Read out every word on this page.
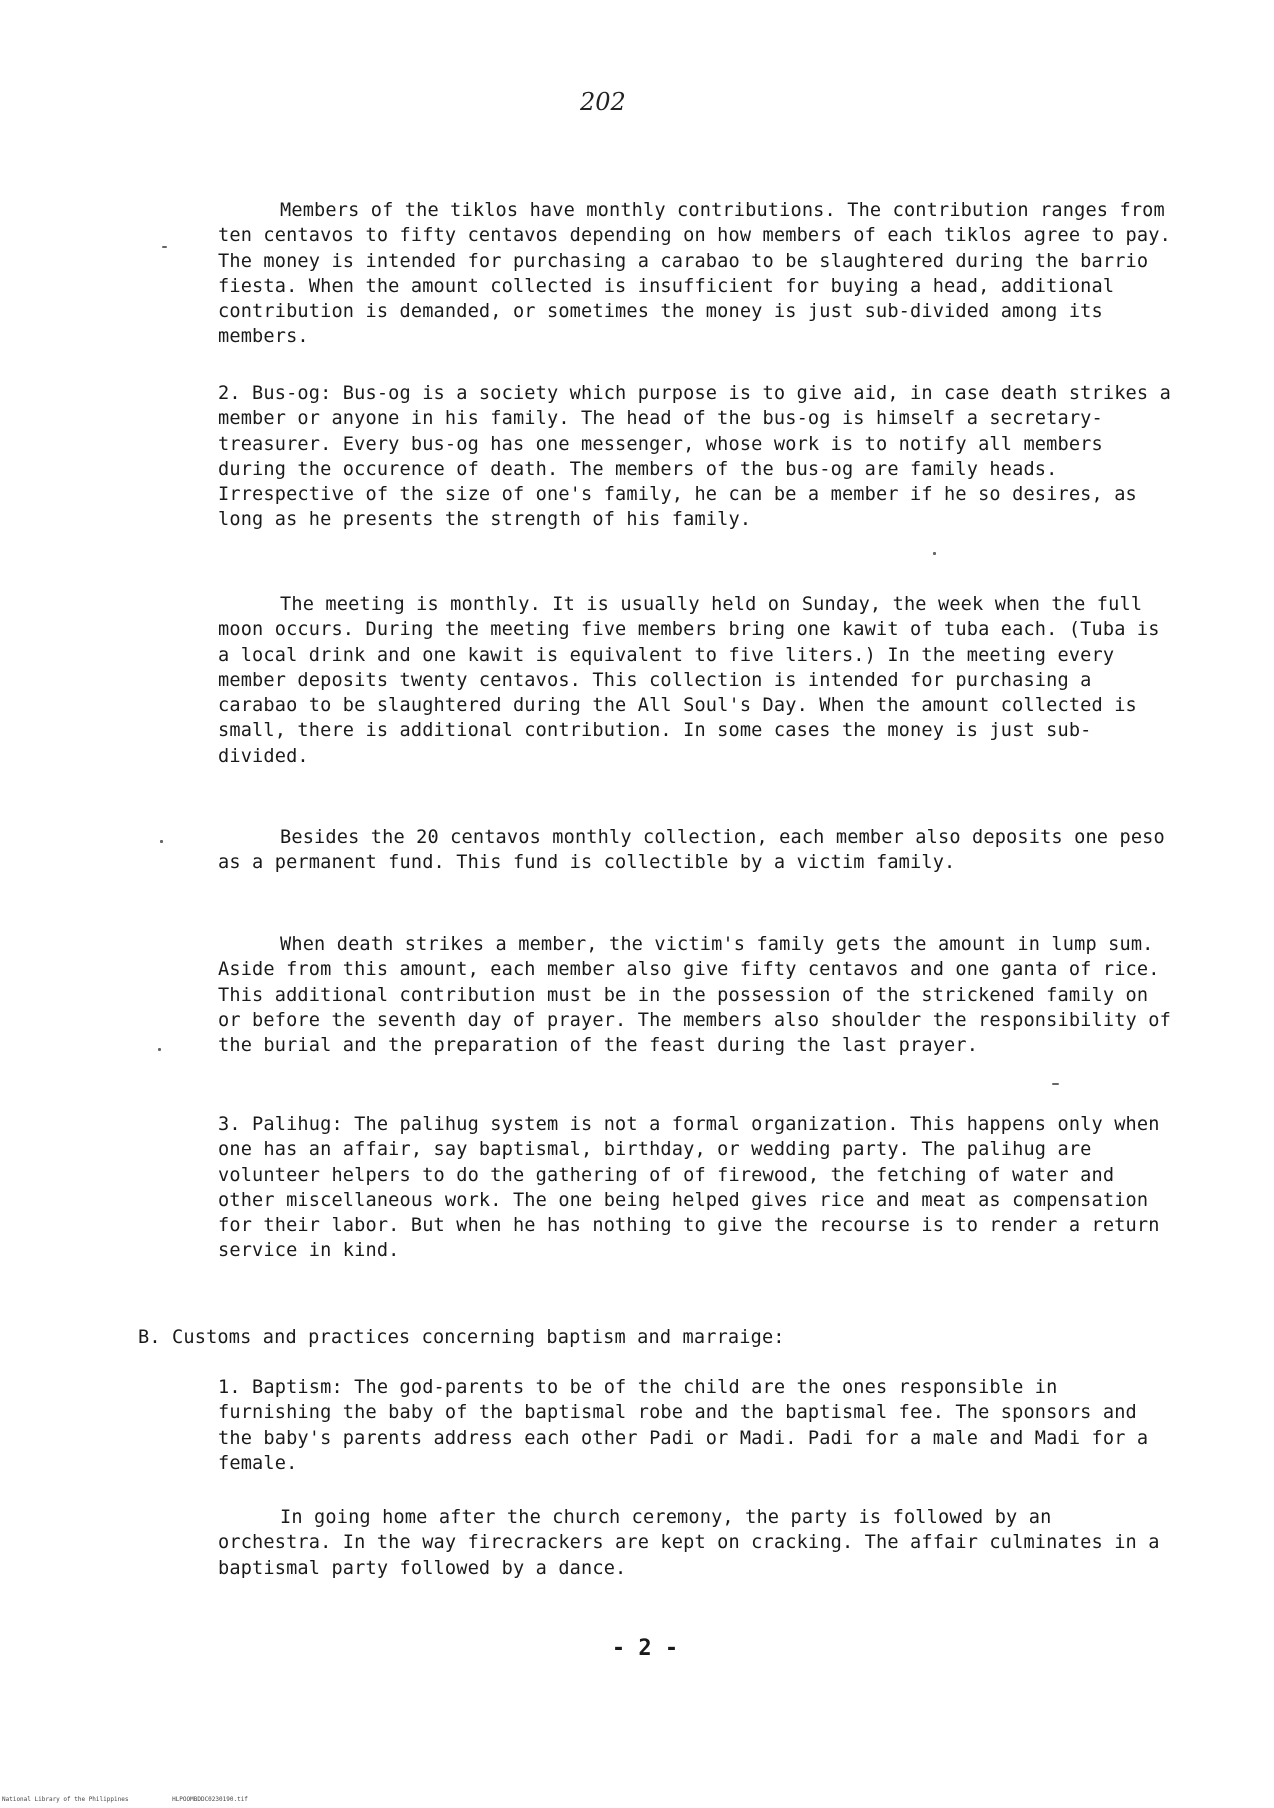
202

Members of the tiklos have monthly contributions. The contribution ranges from ten centavos to fifty centavos depending on how members of each tiklos agree to pay. The money is intended for purchasing a carabao to be slaughtered during the barrio fiesta. When the amount collected is insufficient for buying a head, additional contribution is demanded, or sometimes the money is just sub-divided among its members.

2. Bus-og: Bus-og is a society which purpose is to give aid, in case death strikes a member or anyone in his family. The head of the bus-og is himself a secretary-treasurer. Every bus-og has one messenger, whose work is to notify all members during the occurence of death. The members of the bus-og are family heads. Irrespective of the size of one's family, he can be a member if he so desires, as long as he presents the strength of his family.

The meeting is monthly. It is usually held on Sunday, the week when the full moon occurs. During the meeting five members bring one kawit of tuba each. (Tuba is a local drink and one kawit is equivalent to five liters.) In the meeting every member deposits twenty centavos. This collection is intended for purchasing a carabao to be slaughtered during the All Soul's Day. When the amount collected is small, there is additional contribution. In some cases the money is just sub-divided.

Besides the 20 centavos monthly collection, each member also deposits one peso as a permanent fund. This fund is collectible by a victim family.

When death strikes a member, the victim's family gets the amount in lump sum. Aside from this amount, each member also give fifty centavos and one ganta of rice. This additional contribution must be in the possession of the strickened family on or before the seventh day of prayer. The members also shoulder the responsibility of the burial and the preparation of the feast during the last prayer.

3. Palihug: The palihug system is not a formal organization. This happens only when one has an affair, say baptismal, birthday, or wedding party. The palihug are volunteer helpers to do the gathering of of firewood, the fetching of water and other miscellaneous work. The one being helped gives rice and meat as compensation for their labor. But when he has nothing to give the recourse is to render a return service in kind.

B. Customs and practices concerning baptism and marraige:

1. Baptism: The god-parents to be of the child are the ones responsible in furnishing the baby of the baptismal robe and the baptismal fee. The sponsors and the baby's parents address each other Padi or Madi. Padi for a male and Madi for a female.

In going home after the church ceremony, the party is followed by an orchestra. In the way firecrackers are kept on cracking. The affair culminates in a baptismal party followed by a dance.

- 2 -
National Library of the Philippines	HLPOOMBDDC0230190.tif
